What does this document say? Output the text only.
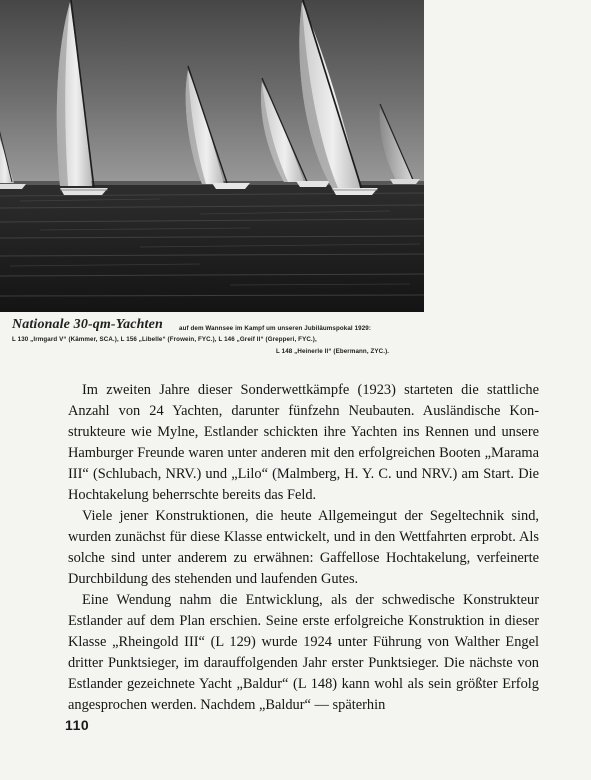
Nationale 30-qm-Yachten	auf dem Wannsee im Kampf um unseren Jubiläumspokal 1929:
L 130 „Irmgard V“ (Kämmer, SCA.), L 156 „Libelle“ (Frowein, FYC.), L 146 „Greif II“ (Grepperi, FYC.),
L 148 „Heinerle II“ (Ebermann, ZYC.).

Im zweiten Jahre dieser Sonderwettkämpfe (1923) starteten die stattliche Anzahl von 24 Yachten, darunter fünfzehn Neubauten. Ausländische Konstrukteure wie Mylne, Estlander schickten ihre Yachten ins Rennen und unsere Hamburger Freunde waren unter anderen mit den erfolgreichen Booten „Marama III“ (Schlubach, NRV.) und „Lilo“ (Malmberg, H. Y. C. und NRV.) am Start. Die Hochtakelung beherrschte bereits das Feld.

Viele jener Konstruktionen, die heute Allgemeingut der Segeltechnik sind, wurden zunächst für diese Klasse entwickelt, und in den Wettfahrten erprobt. Als solche sind unter anderem zu erwähnen: Gaffellose Hochtakelung, verfeinerte Durchbildung des stehenden und laufenden Gutes.

Eine Wendung nahm die Entwicklung, als der schwedische Konstrukteur Estlander auf dem Plan erschien. Seine erste erfolgreiche Konstruktion in dieser Klasse „Rheingold III“ (L 129) wurde 1924 unter Führung von Walther Engel dritter Punktsieger, im darauffolgenden Jahr erster Punktsieger. Die nächste von Estlander gezeichnete Yacht „Baldur“ (L 148) kann wohl als sein größter Erfolg angesprochen werden. Nachdem „Baldur“ — späterhin

110
